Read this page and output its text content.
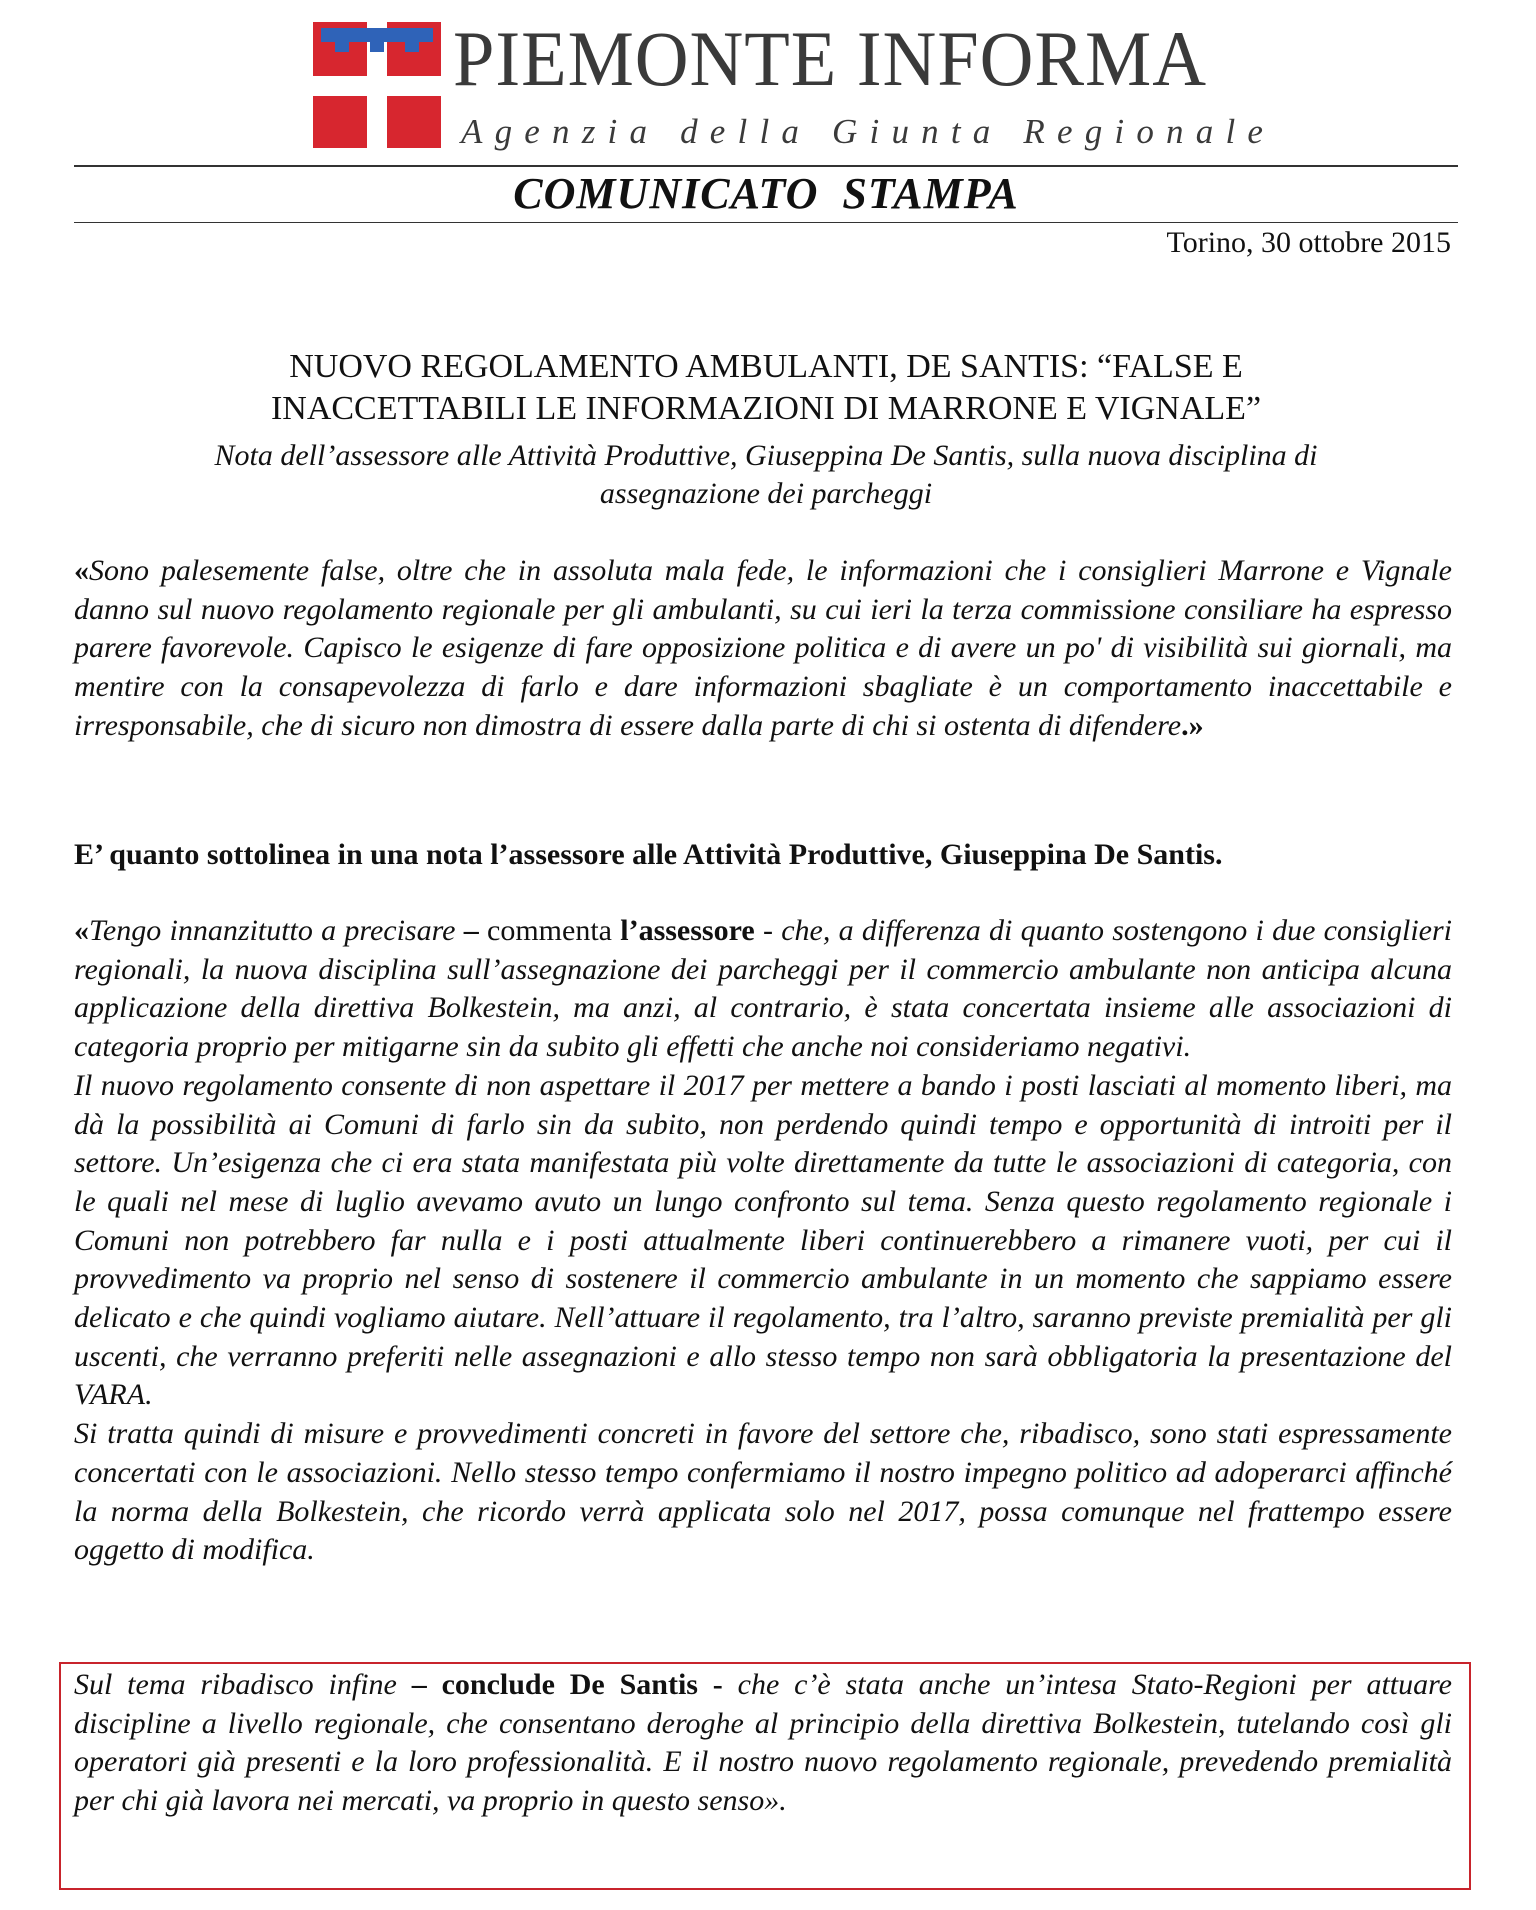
PIEMONTE INFORMA
Agenzia della Giunta Regionale
COMUNICATO  STAMPA
Torino, 30 ottobre 2015
NUOVO REGOLAMENTO AMBULANTI, DE SANTIS: “FALSE E
INACCETTABILI LE INFORMAZIONI DI MARRONE E VIGNALE”
Nota dell’assessore alle Attività Produttive, Giuseppina De Santis, sulla nuova disciplina di assegnazione dei parcheggi
«Sono palesemente false, oltre che in assoluta mala fede, le informazioni che i consiglieri Marrone e Vignale danno sul nuovo regolamento regionale per gli ambulanti, su cui ieri la terza commissione consiliare ha espresso parere favorevole. Capisco le esigenze di fare opposizione politica e di avere un po' di visibilità sui giornali, ma mentire con la consapevolezza di farlo e dare informazioni sbagliate è un comportamento inaccettabile e irresponsabile, che di sicuro non dimostra di essere dalla parte di chi si ostenta di difendere.»
E’ quanto sottolinea in una nota l’assessore alle Attività Produttive, Giuseppina De Santis.

«Tengo innanzitutto a precisare – commenta l’assessore - che, a differenza di quanto sostengono i due consiglieri regionali, la nuova disciplina sull’assegnazione dei parcheggi per il commercio ambulante non anticipa alcuna applicazione della direttiva Bolkestein, ma anzi, al contrario, è stata concertata insieme alle associazioni di categoria proprio per mitigarne sin da subito gli effetti che anche noi consideriamo negativi.

Il nuovo regolamento consente di non aspettare il 2017 per mettere a bando i posti lasciati al momento liberi, ma dà la possibilità ai Comuni di farlo sin da subito, non perdendo quindi tempo e opportunità di introiti per il settore. Un’esigenza che ci era stata manifestata più volte direttamente da tutte le associazioni di categoria, con le quali nel mese di luglio avevamo avuto un lungo confronto sul tema. Senza questo regolamento regionale i Comuni non potrebbero far nulla e i posti attualmente liberi continuerebbero a rimanere vuoti, per cui il provvedimento va proprio nel senso di sostenere il commercio ambulante in un momento che sappiamo essere delicato e che quindi vogliamo aiutare. Nell’attuare il regolamento, tra l’altro, saranno previste premialità per gli uscenti, che verranno preferiti nelle assegnazioni e allo stesso tempo non sarà obbligatoria la presentazione del VARA.

Si tratta quindi di misure e provvedimenti concreti in favore del settore che, ribadisco, sono stati espressamente concertati con le associazioni. Nello stesso tempo confermiamo il nostro impegno politico ad adoperarci affinché la norma della Bolkestein, che ricordo verrà applicata solo nel 2017, possa comunque nel frattempo essere oggetto di modifica.

Sul tema ribadisco infine – conclude De Santis - che c’è stata anche un’intesa Stato-Regioni per attuare discipline a livello regionale, che consentano deroghe al principio della direttiva Bolkestein, tutelando così gli operatori già presenti e la loro professionalità. E il nostro nuovo regolamento regionale, prevedendo premialità per chi già lavora nei mercati, va proprio in questo senso».
